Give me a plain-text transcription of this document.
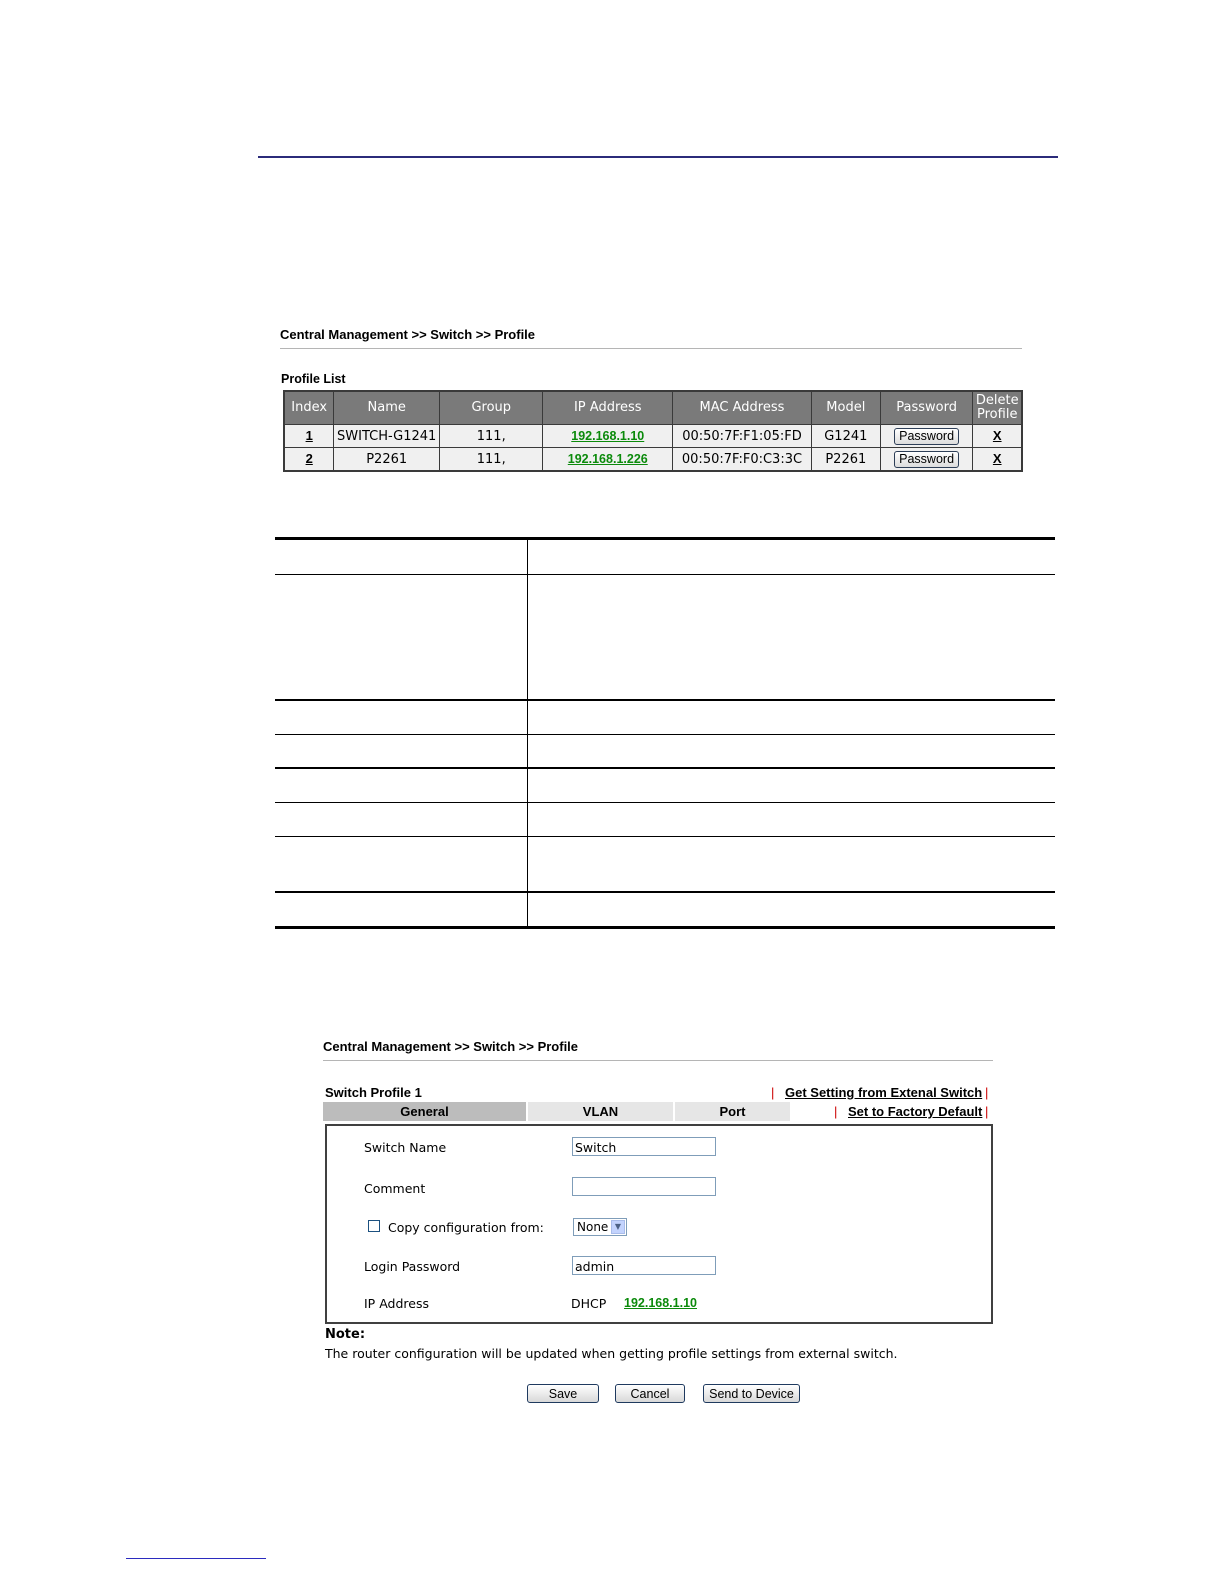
Central Management >> Switch >> Profile
Profile List
Index	Name	Group	IP Address	MAC Address	Model	Password	Delete Profile
1	SWITCH-G1241	111,	192.168.1.10	00:50:7F:F1:05:FD	G1241	Password	X
2	P2261	111,	192.168.1.226	00:50:7F:F0:C3:3C	P2261	Password	X
Central Management >> Switch >> Profile
Switch Profile 1	| Get Setting from Extenal Switch |
General	VLAN	Port	| Set to Factory Default |
Switch Name	Switch
Comment
Copy configuration from:	None ▼
Login Password	admin
IP Address	DHCP 192.168.1.10
Note:
The router configuration will be updated when getting profile settings from external switch.
Save	Cancel	Send to Device
